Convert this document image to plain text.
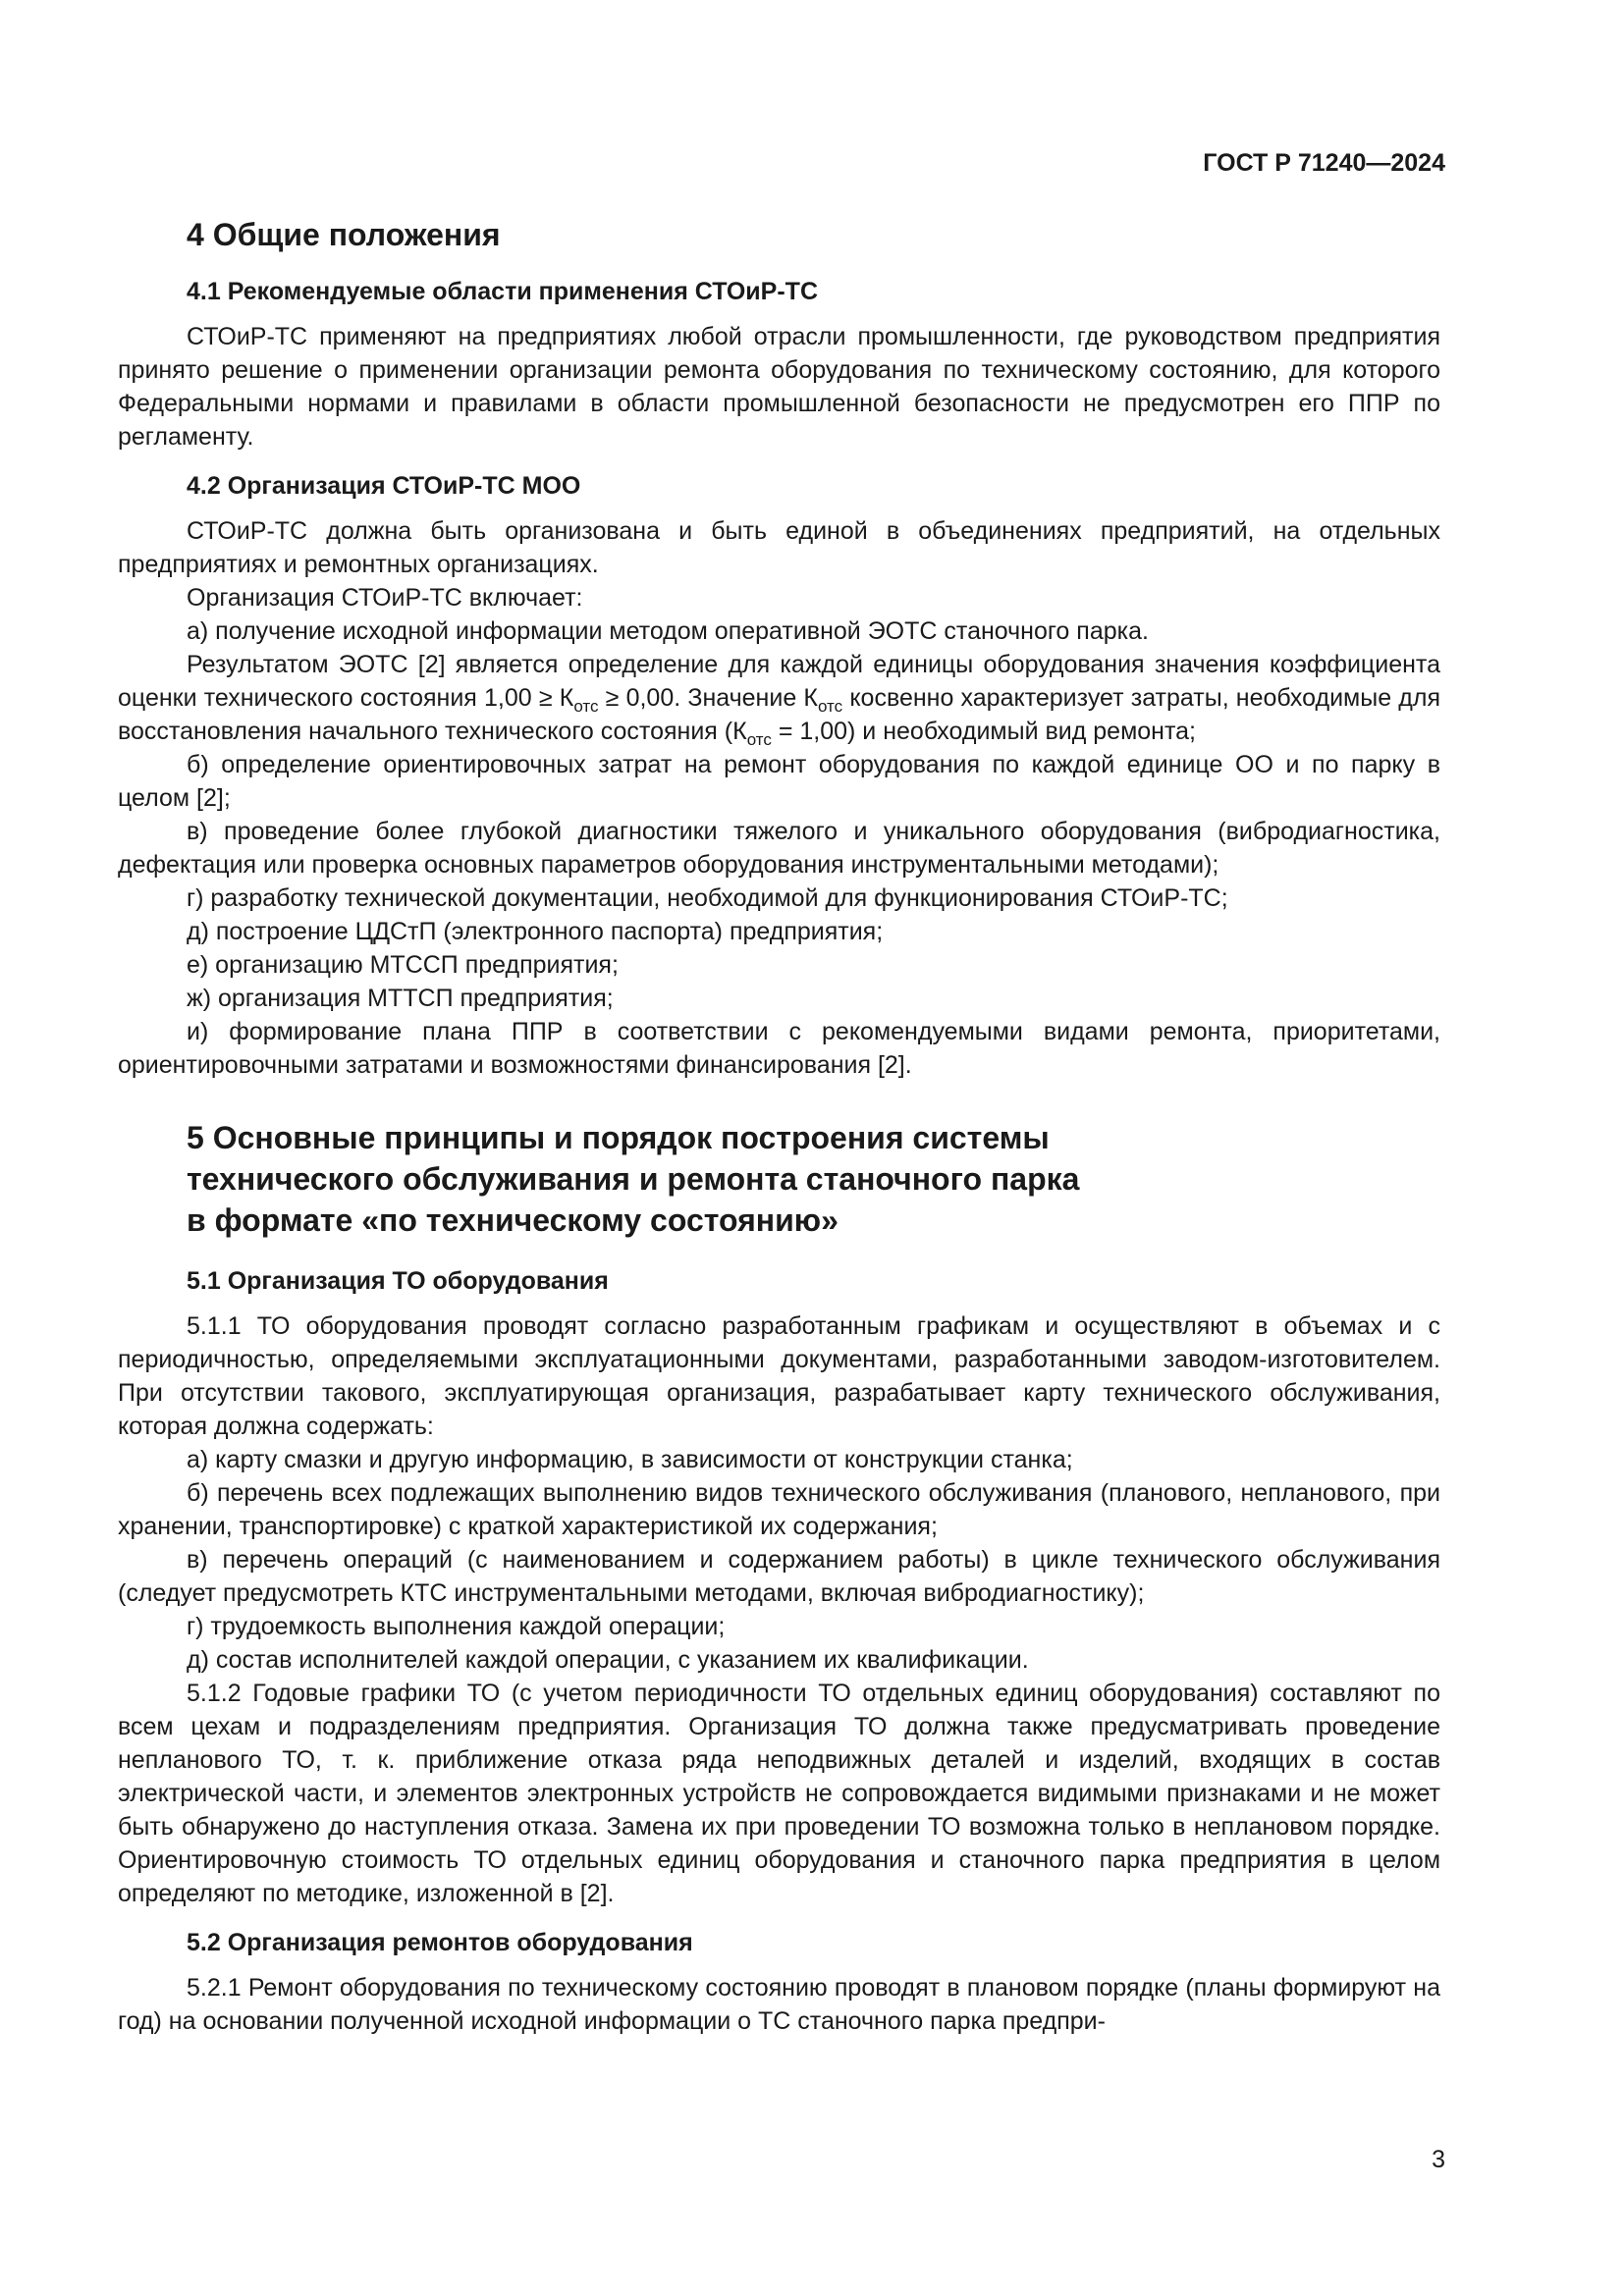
ГОСТ Р 71240—2024
4 Общие положения
4.1 Рекомендуемые области применения СТОиР-ТС

СТОиР-ТС применяют на предприятиях любой отрасли промышленности, где руководством предприятия принято решение о применении организации ремонта оборудования по техническому состоянию, для которого Федеральными нормами и правилами в области промышленной безопасности не предусмотрен его ППР по регламенту.

4.2 Организация СТОиР-ТС МОО

СТОиР-ТС должна быть организована и быть единой в объединениях предприятий, на отдельных предприятиях и ремонтных организациях.

Организация СТОиР-ТС включает:

а) получение исходной информации методом оперативной ЭОТС станочного парка.

Результатом ЭОТС [2] является определение для каждой единицы оборудования значения коэффициента оценки технического состояния $1,00 \ge К_{отс} \ge 0,00$. Значение $К_{отс}$ косвенно характеризует затраты, необходимые для восстановления начального технического состояния $(К_{отс} = 1,00)$ и необходимый вид ремонта;

б) определение ориентировочных затрат на ремонт оборудования по каждой единице ОО и по парку в целом [2];

в) проведение более глубокой диагностики тяжелого и уникального оборудования (вибродиагностика, дефектация или проверка основных параметров оборудования инструментальными методами);

г) разработку технической документации, необходимой для функционирования СТОиР-ТС;

д) построение ЦДСтП (электронного паспорта) предприятия;

е) организацию МТССП предприятия;

ж) организация МТТСП предприятия;

и) формирование плана ППР в соответствии с рекомендуемыми видами ремонта, приоритетами, ориентировочными затратами и возможностями финансирования [2].

5 Основные принципы и порядок построения системы
технического обслуживания и ремонта станочного парка
в формате «по техническому состоянию»
5.1 Организация ТО оборудования

5.1.1 ТО оборудования проводят согласно разработанным графикам и осуществляют в объемах и с периодичностью, определяемыми эксплуатационными документами, разработанными заводом-изготовителем. При отсутствии такового, эксплуатирующая организация, разрабатывает карту технического обслуживания, которая должна содержать:

а) карту смазки и другую информацию, в зависимости от конструкции станка;

б) перечень всех подлежащих выполнению видов технического обслуживания (планового, непланового, при хранении, транспортировке) с краткой характеристикой их содержания;

в) перечень операций (с наименованием и содержанием работы) в цикле технического обслуживания (следует предусмотреть КТС инструментальными методами, включая вибродиагностику);

г) трудоемкость выполнения каждой операции;

д) состав исполнителей каждой операции, с указанием их квалификации.

5.1.2 Годовые графики ТО (с учетом периодичности ТО отдельных единиц оборудования) составляют по всем цехам и подразделениям предприятия. Организация ТО должна также предусматривать проведение непланового ТО, т. к. приближение отказа ряда неподвижных деталей и изделий, входящих в состав электрической части, и элементов электронных устройств не сопровождается видимыми признаками и не может быть обнаружено до наступления отказа. Замена их при проведении ТО возможна только в неплановом порядке. Ориентировочную стоимость ТО отдельных единиц оборудования и станочного парка предприятия в целом определяют по методике, изложенной в [2].

5.2 Организация ремонтов оборудования

5.2.1 Ремонт оборудования по техническому состоянию проводят в плановом порядке (планы формируют на год) на основании полученной исходной информации о ТС станочного парка предпри-

3
